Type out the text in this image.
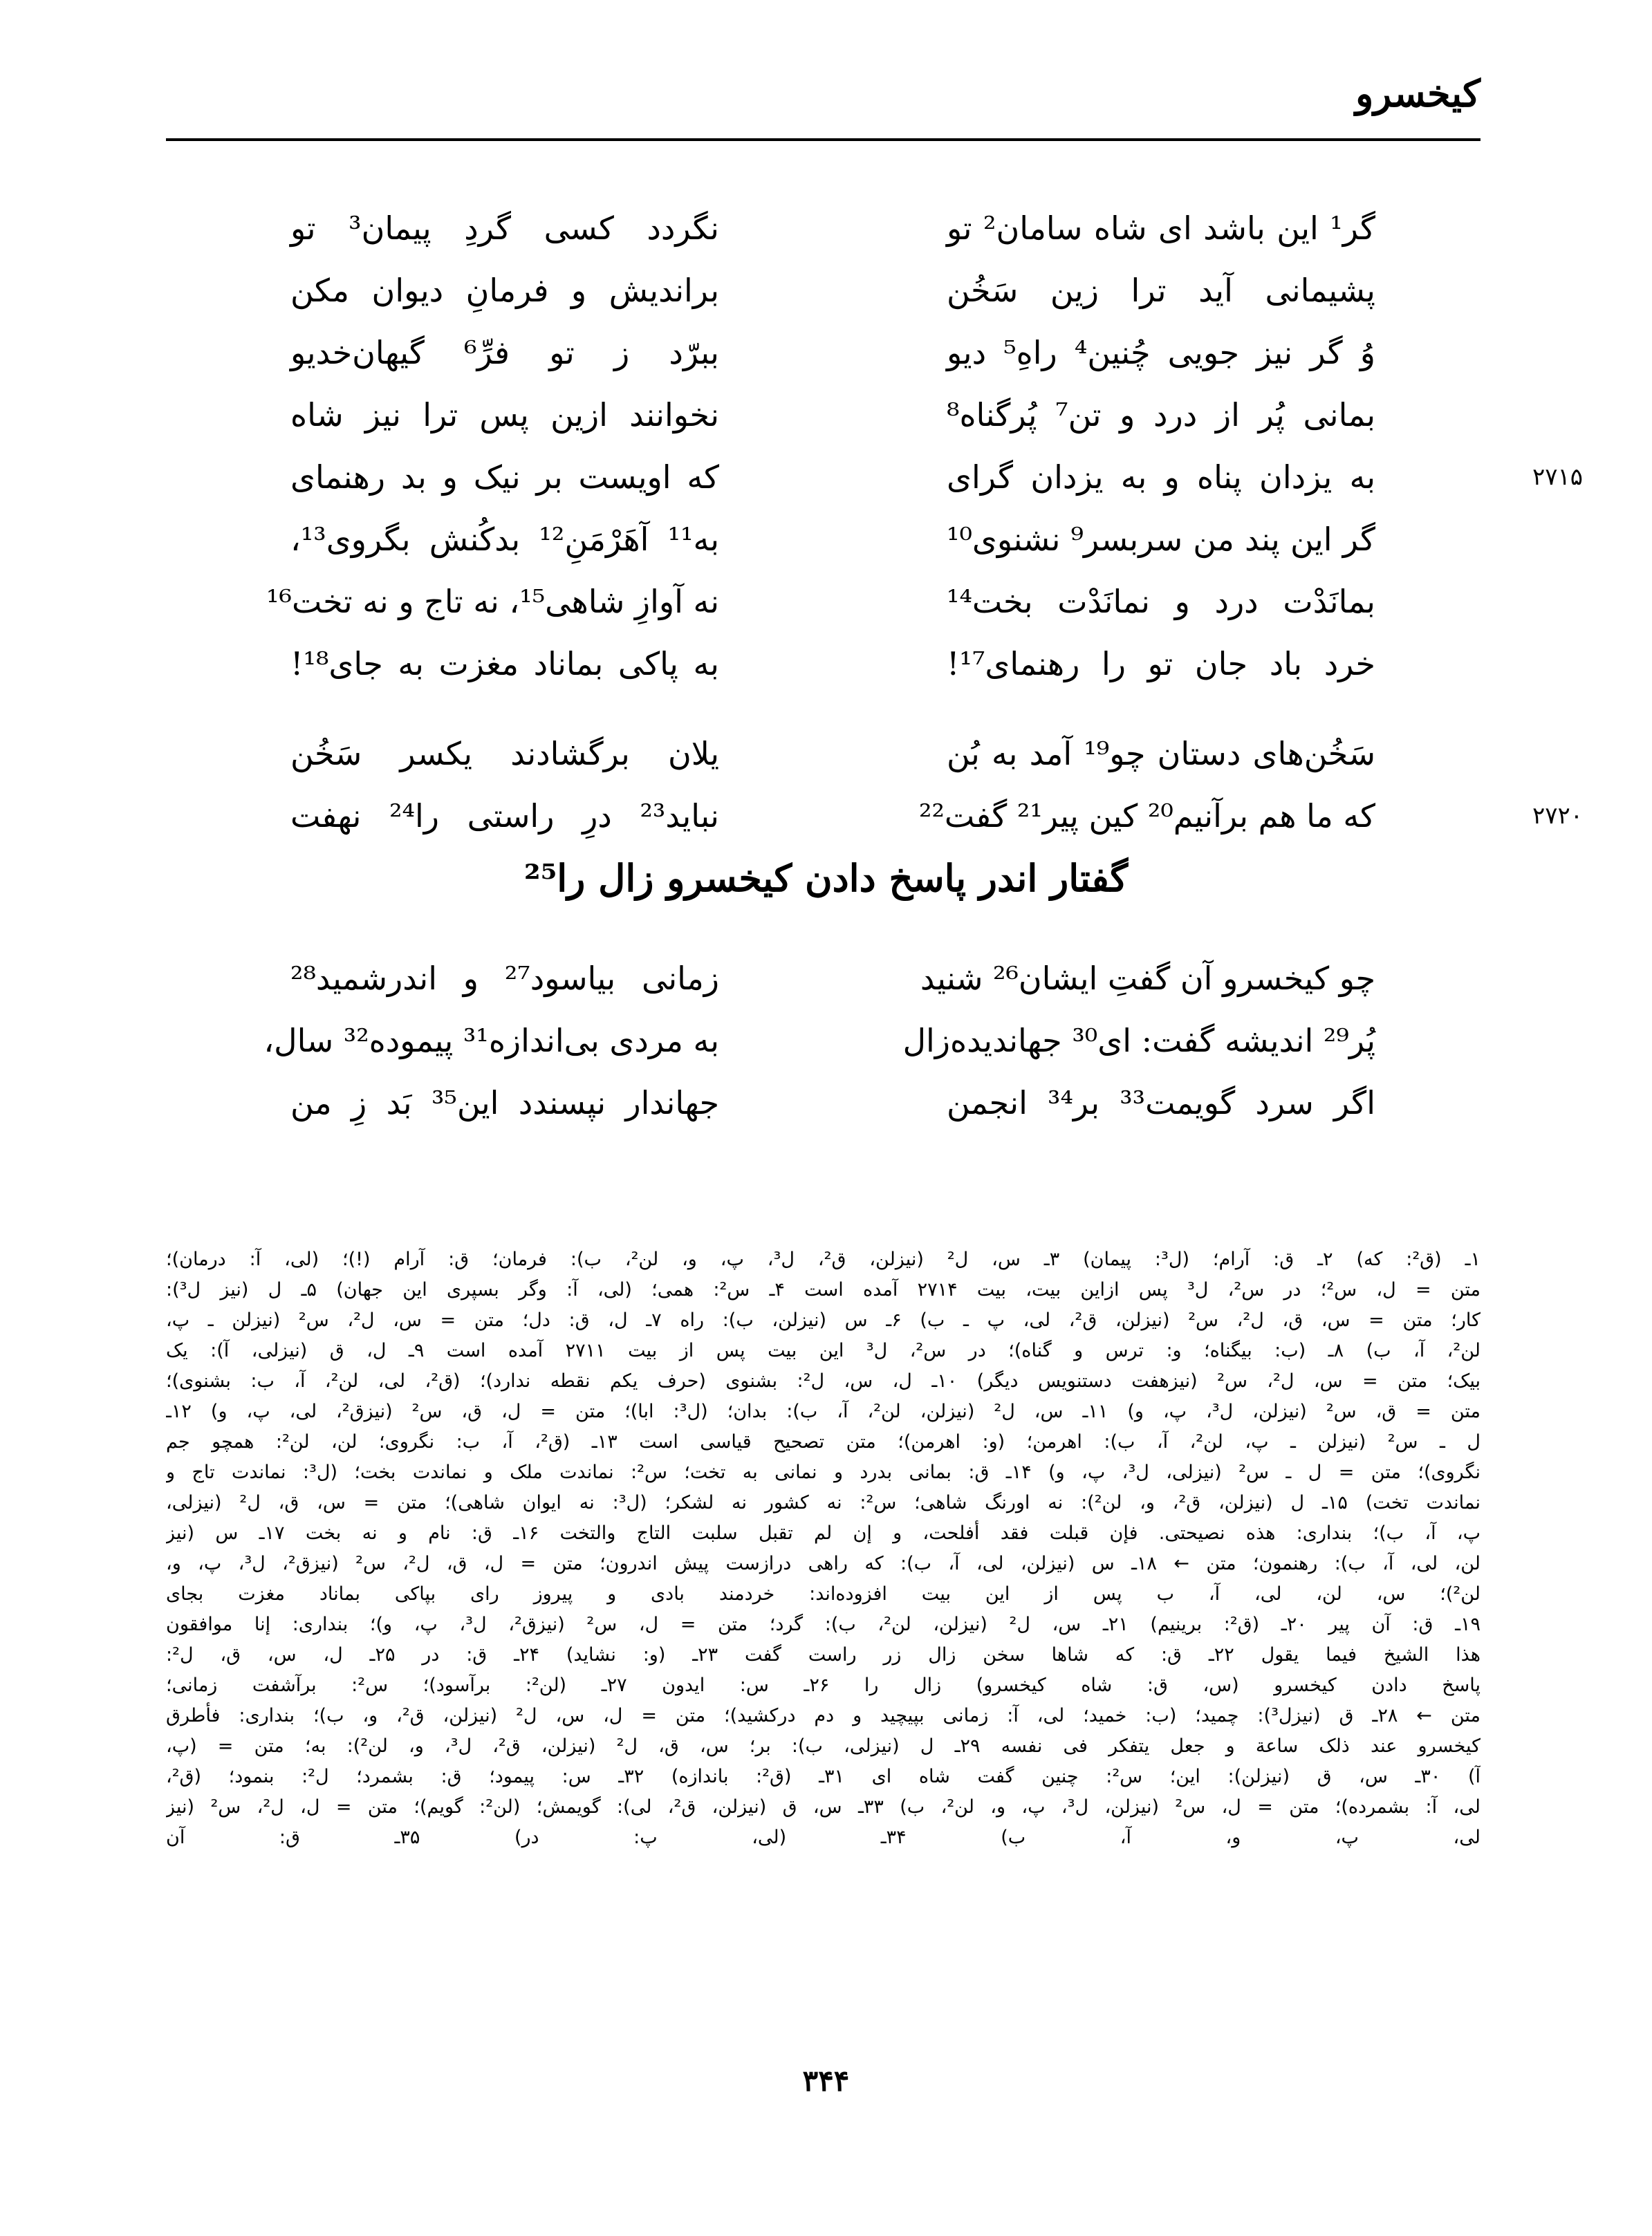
کیخسرو
گر¹ این باشد ای شاه سامان² تو
نگردد کسی گردِ پیمان³ تو
پشیمانی آید ترا زین سَخُن
براندیش و فرمانِ دیوان مکن
وُ گر نیز جویی چُنین⁴ راهِ⁵ دیو
ببرّد ز تو فرِّ⁶ گیهان‌خدیو
بمانی پُر از درد و تن⁷ پُرگناه⁸
نخوانند ازین پس ترا نیز شاه
۲۷۱۵
به یزدان پناه و به یزدان گرای
که اویست بر نیک و بد رهنمای
گر این پند من سربسر⁹ نشنوی¹⁰
به¹¹ آهَرْمَنِ¹² بدکُنش بگروی¹³،
بمانَدْت درد و نمانَدْت بخت¹⁴
نه آوازِ شاهی¹⁵، نه تاج و نه تخت¹⁶
خرد باد جان تو را رهنمای¹⁷!
به پاکی بماناد مغزت به جای¹⁸!
سَخُن‌های دستان چو¹⁹ آمد به بُن
یلان برگشادند یکسر سَخُن
۲۷۲۰
که ما هم برآنیم²⁰ کین پیر²¹ گفت²²
نباید²³ درِ راستی را²⁴ نهفت
گفتار اندر پاسخ دادن کیخسرو زال را²⁵
چو کیخسرو آن گفتِ ایشان²⁶ شنید
زمانی بیاسود²⁷ و اندرشمید²⁸
پُر²⁹ اندیشه گفت: ای³⁰ جهاندیده‌زال
به مردی بی‌اندازه³¹ پیموده³² سال،
اگر سرد گویمت³³ بر³⁴ انجمن
جهاندار نپسندد این³⁵ بَد زِ من
۱ـ (ق²: که) ۲ـ ق: آرام؛ (ل³: پیمان) ۳ـ س، ل² (نیزلن، ق²، ل³، پ، و، لن²، ب): فرمان؛ ق: آرام (!)؛ (لی، آ: درمان)؛
متن = ل، س²؛ در س²، ل³ پس ازاین بیت، بیت ۲۷۱۴ آمده است ۴ـ س²: همی؛ (لی، آ: وگر بسپری این جهان) ۵ـ ل (نیز ل³):
کار؛ متن = س، ق، ل²، س² (نیزلن، ق²، لی، پ ـ ب) ۶ـ س (نیزلن، ب): راه ۷ـ ل، ق: دل؛ متن = س، ل²، س² (نیزلن ـ پ،
لن²، آ، ب) ۸ـ (ب: بیگناه؛ و: ترس و گناه)؛ در س²، ل³ این بیت پس از بیت ۲۷۱۱ آمده است ۹ـ ل، ق (نیزلی، آ): یک
بیک؛ متن = س، ل²، س² (نیزهفت دستنویس دیگر) ۱۰ـ ل، س، ل²: بشنوی (حرف یکم نقطه ندارد)؛ (ق²، لی، لن²، آ، ب: بشنوی)؛
متن = ق، س² (نیزلن، ل³، پ، و) ۱۱ـ س، ل² (نیزلن، لن²، آ، ب): بدان؛ (ل³: ابا)؛ متن = ل، ق، س² (نیزق²، لی، پ، و) ۱۲ـ
ل ـ س² (نیزلن ـ پ، لن²، آ، ب): اهرمن؛ (و: اهرمن)؛ متن تصحیح قیاسی است ۱۳ـ (ق²، آ، ب: نگروی؛ لن، لن²: همچو جم
نگروی)؛ متن = ل ـ س² (نیزلی، ل³، پ، و) ۱۴ـ ق: بمانی بدرد و نمانی به تخت؛ س²: نماندت ملک و نماندت بخت؛ (ل³: نماندت تاج و
نماندت تخت) ۱۵ـ ل (نیزلن، ق²، و، لن²): نه اورنگ شاهی؛ س²: نه کشور نه لشکر؛ (ل³: نه ایوان شاهی)؛ متن = س، ق، ل² (نیزلی،
پ، آ، ب)؛ بنداری: هذه نصیحتی. فإن قبلت فقد أفلحت، و إن لم تقبل سلبت التاج والتخت ۱۶ـ ق: نام و نه بخت ۱۷ـ س (نیز
لن، لی، آ، ب): رهنمون؛ متن ← ۱۸ـ س (نیزلن، لی، آ، ب): که راهی درازست پیش اندرون؛ متن = ل، ق، ل²، س² (نیزق²، ل³، پ، و،
لن²)؛ س، لن، لی، آ، ب پس از این بیت افزوده‌اند: خردمند بادی و پیروز رای بپاکی بماناد مغزت بجای
۱۹ـ ق: آن پیر ۲۰ـ (ق²: برینیم) ۲۱ـ س، ل² (نیزلن، لن²، ب): گرد؛ متن = ل، س² (نیزق²، ل³، پ، و)؛ بنداری: إنا موافقون
هذا الشیخ فیما یقول ۲۲ـ ق: که شاها سخن زال زر راست گفت ۲۳ـ (و: نشاید) ۲۴ـ ق: در ۲۵ـ ل، س، ق، ل²:
پاسخ دادن کیخسرو (س، ق: شاه کیخسرو) زال را ۲۶ـ س: ایدون ۲۷ـ (لن²: برآسود)؛ س²: برآشفت زمانی؛
متن ← ۲۸ـ ق (نیزل³): چمید؛ (ب: خمید؛ لی، آ: زمانی بپیچید و دم درکشید)؛ متن = ل، س، ل² (نیزلن، ق²، و، ب)؛ بنداری: فأطرق
کیخسرو عند ذلک ساعة و جعل یتفکر فی نفسه ۲۹ـ ل (نیزلی، ب): بر؛ س، ق، ل² (نیزلن، ق²، ل³، و، لن²): به؛ متن = (پ،
آ) ۳۰ـ س، ق (نیزلن): این؛ س²: چنین گفت شاه ای ۳۱ـ (ق²: باندازه) ۳۲ـ س: پیمود؛ ق: بشمرد؛ ل²: بنمود؛ (ق²،
لی، آ: بشمرده)؛ متن = ل، س² (نیزلن، ل³، پ، و، لن²، ب) ۳۳ـ س، ق (نیزلن، ق²، لی): گویمش؛ (لن²: گویم)؛ متن = ل، ل²، س² (نیز
لی، پ، و، آ، ب) ۳۴ـ (لی، پ: در) ۳۵ـ ق: آن
۳۴۴
